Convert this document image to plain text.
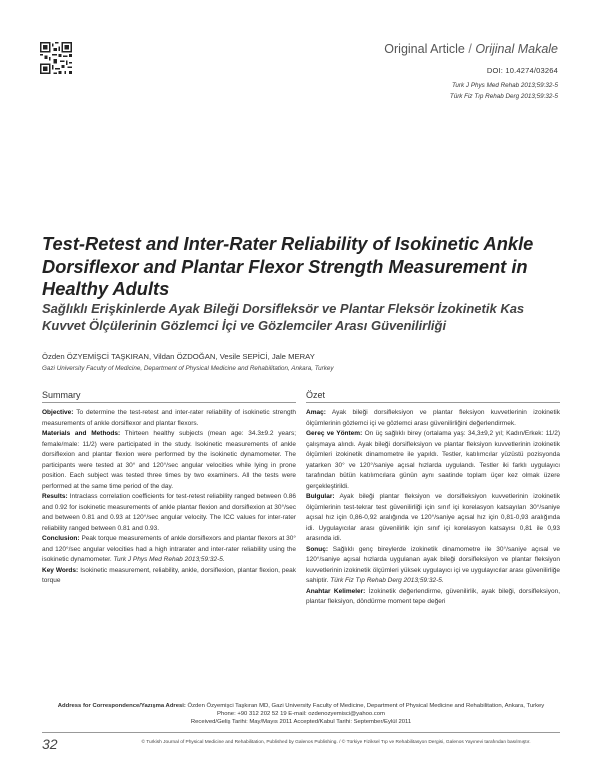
Original Article / Orijinal Makale
DOI: 10.4274/03264
Turk J Phys Med Rehab 2013;59:32-5
Türk Fiz Tıp Rehab Derg 2013;59:32-5
Test-Retest and Inter-Rater Reliability of Isokinetic Ankle Dorsiflexor and Plantar Flexor Strength Measurement in Healthy Adults
Sağlıklı Erişkinlerde Ayak Bileği Dorsifleksör ve Plantar Fleksör İzokinetik Kas Kuvvet Ölçülerinin Gözlemci İçi ve Gözlemciler Arası Güvenilirliği
Özden ÖZYEMİŞCİ TAŞKIRAN, Vildan ÖZDOĞAN, Vesile SEPİCİ, Jale MERAY
Gazi University Faculty of Medicine, Department of Physical Medicine and Rehabilitation, Ankara, Turkey
Summary	Özet

Objective: To determine the test-retest and inter-rater reliability of isokinetic strength measurements of ankle dorsiflexor and plantar flexors.

Materials and Methods: Thirteen healthy subjects (mean age: 34.3±9.2 years; female/male: 11/2) were participated in the study. Isokinetic measurements of ankle dorsiflexion and plantar flexion were performed by the isokinetic dynamometer. The participants were tested at 30° and 120°/sec angular velocities while lying in prone position. Each subject was tested three times by two examiners. All the tests were performed at the same time period of the day.

Results: Intraclass correlation coefficients for test-retest reliability ranged between 0.86 and 0.92 for isokinetic measurements of ankle plantar flexion and dorsiflexion at 30°/sec and between 0.81 and 0.93 at 120°/sec angular velocity. The ICC values for inter-rater reliability ranged between 0.81 and 0.93.

Conclusion: Peak torque measurements of ankle dorsiflexors and plantar flexors at 30° and 120°/sec angular velocities had a high intrarater and inter-rater reliability using the isokinetic dynamometer. Turk J Phys Med Rehab 2013;59:32-5.

Key Words: Isokinetic measurement, reliability, ankle, dorsiflexion, plantar flexion, peak torque

Amaç: Ayak bileği dorsifleksiyon ve plantar fleksiyon kuvvetlerinin izokinetik ölçümlerinin gözlemci içi ve gözlemci arası güvenilirliğini değerlendirmek.

Gereç ve Yöntem: On üç sağlıklı birey (ortalama yaş: 34,3±9,2 yıl; Kadın/Erkek: 11/2) çalışmaya alındı. Ayak bileği dorsifleksiyon ve plantar fleksiyon kuvvetlerinin izokinetik ölçümleri izokinetik dinamometre ile yapıldı. Testler, katılımcılar yüzüstü pozisyonda yatarken 30° ve 120°/saniye açısal hızlarda uygulandı. Testler iki farklı uygulayıcı tarafından bütün katılımcılara günün aynı saatinde toplam üçer kez olmak üzere gerçekleştirildi.

Bulgular: Ayak bileği plantar fleksiyon ve dorsifleksiyon kuvvetlerinin izokinetik ölçümlerinin test-tekrar test güvenilirliği için sınıf içi korelasyon katsayıları 30°/saniye açısal hız için 0,86-0,92 aralığında ve 120°/saniye açısal hız için 0,81-0,93 aralığında idi. Uygulayıcılar arası güvenilirlik için sınıf içi korelasyon katsayısı 0,81 ile 0,93 arasında idi.

Sonuç: Sağlıklı genç bireylerde izokinetik dinamometre ile 30°/saniye açısal ve 120°/saniye açısal hızlarda uygulanan ayak bileği dorsifleksiyon ve plantar fleksiyon kuvvetlerinin izokinetik ölçümleri yüksek uygulayıcı içi ve uygulayıcılar arası güvenilirliğe sahiptir. Türk Fiz Tıp Rehab Derg 2013;59:32-5.

Anahtar Kelimeler: İzokinetik değerlendirme, güvenilirlik, ayak bileği, dorsifleksiyon, plantar fleksiyon, döndürme moment tepe değeri

Address for Correspondence/Yazışma Adresi: Özden Özyemişci Taşkıran MD, Gazi University Faculty of Medicine, Department of Physical Medicine and Rehabilitation, Ankara, Turkey
Phone: +90 312 202 52 19 E-mail: ozdenozyemisci@yahoo.com
Received/Geliş Tarihi: May/Mayıs 2011 Accepted/Kabul Tarihi: September/Eylül 2011
32	© Turkish Journal of Physical Medicine and Rehabilitation, Published by Galenos Publishing. / © Türkiye Fiziksel Tıp ve Rehabilitasyon Dergisi, Galenos Yayınevi tarafından basılmıştır.
